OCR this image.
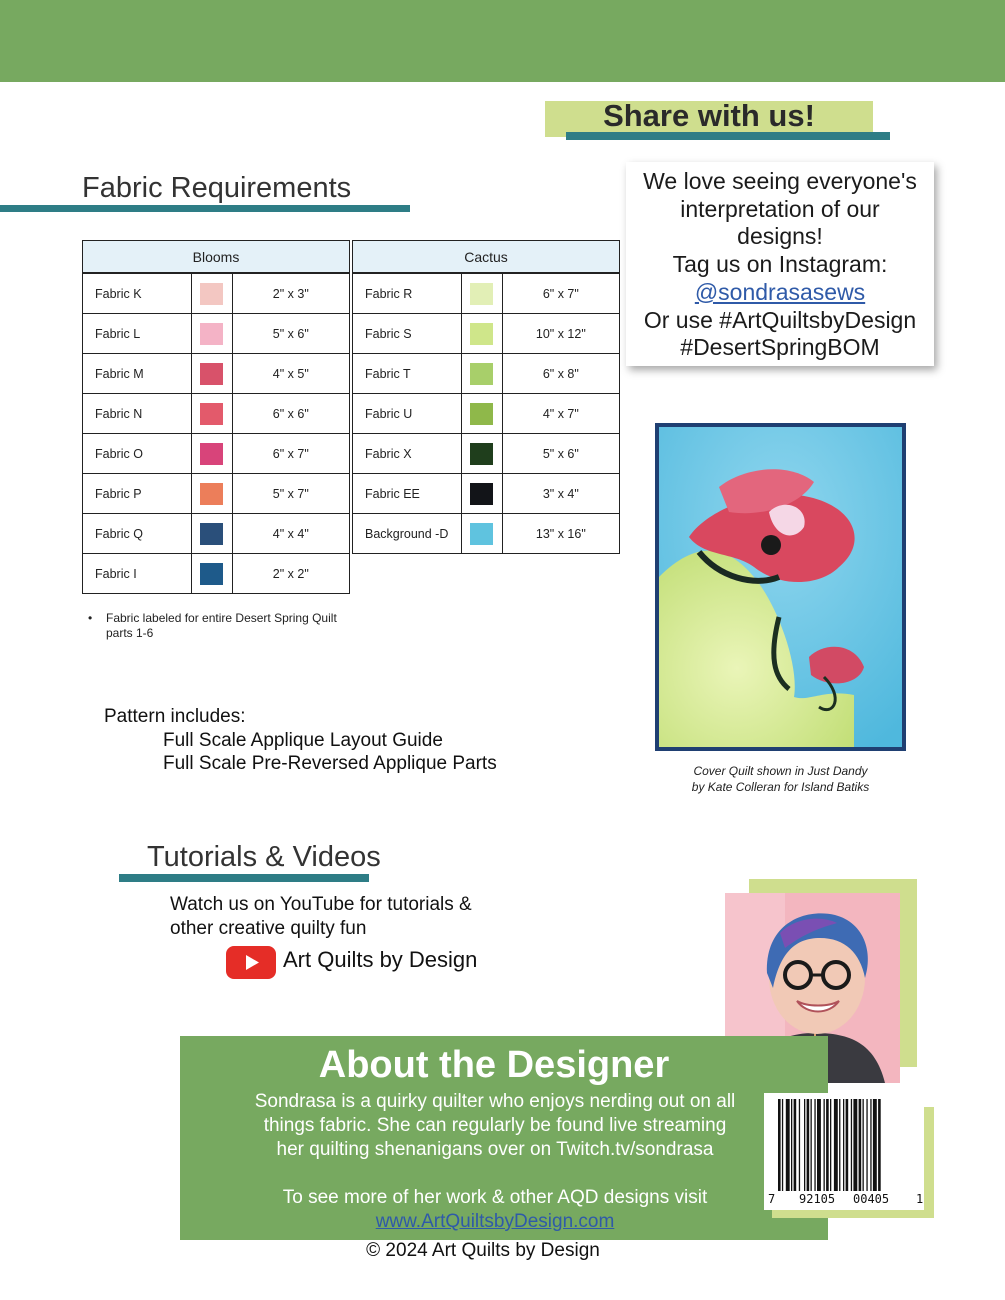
Share with us!
We love seeing everyone's
interpretation of our
designs!
Tag us on Instagram:
@sondrasasews
Or use #ArtQuiltsbyDesign
#DesertSpringBOM
Fabric Requirements
Blooms		
Fabric K		2" x 3"
Fabric L		5" x 6"
Fabric M		4" x 5"
Fabric N		6" x 6"
Fabric O		6" x 7"
Fabric P		5" x 7"
Fabric Q		4" x 4"
Fabric I		2" x 2"
Cactus		
Fabric R		6" x 7"
Fabric S		10" x 12"
Fabric T		6" x 8"
Fabric U		4" x 7"
Fabric X		5" x 6"
Fabric EE		3" x 4"
Background -D		13" x 16"
• Fabric labeled for entire Desert Spring Quilt parts 1-6
Pattern includes:
Full Scale Applique Layout Guide
Full Scale Pre-Reversed Applique Parts	Cover Quilt shown in Just Dandy
by Kate Colleran for Island Batiks
Tutorials & Videos
Watch us on YouTube for tutorials &
other creative quilty fun
Art Quilts by Design
About the Designer
Sondrasa is a quirky quilter who enjoys nerding out on all
things fabric. She can regularly be found live streaming
her quilting shenanigans over on Twitch.tv/sondrasa
To see more of her work & other AQD designs visit
www.ArtQuiltsbyDesign.com
7 92105 00405 1
© 2024 Art Quilts by Design
